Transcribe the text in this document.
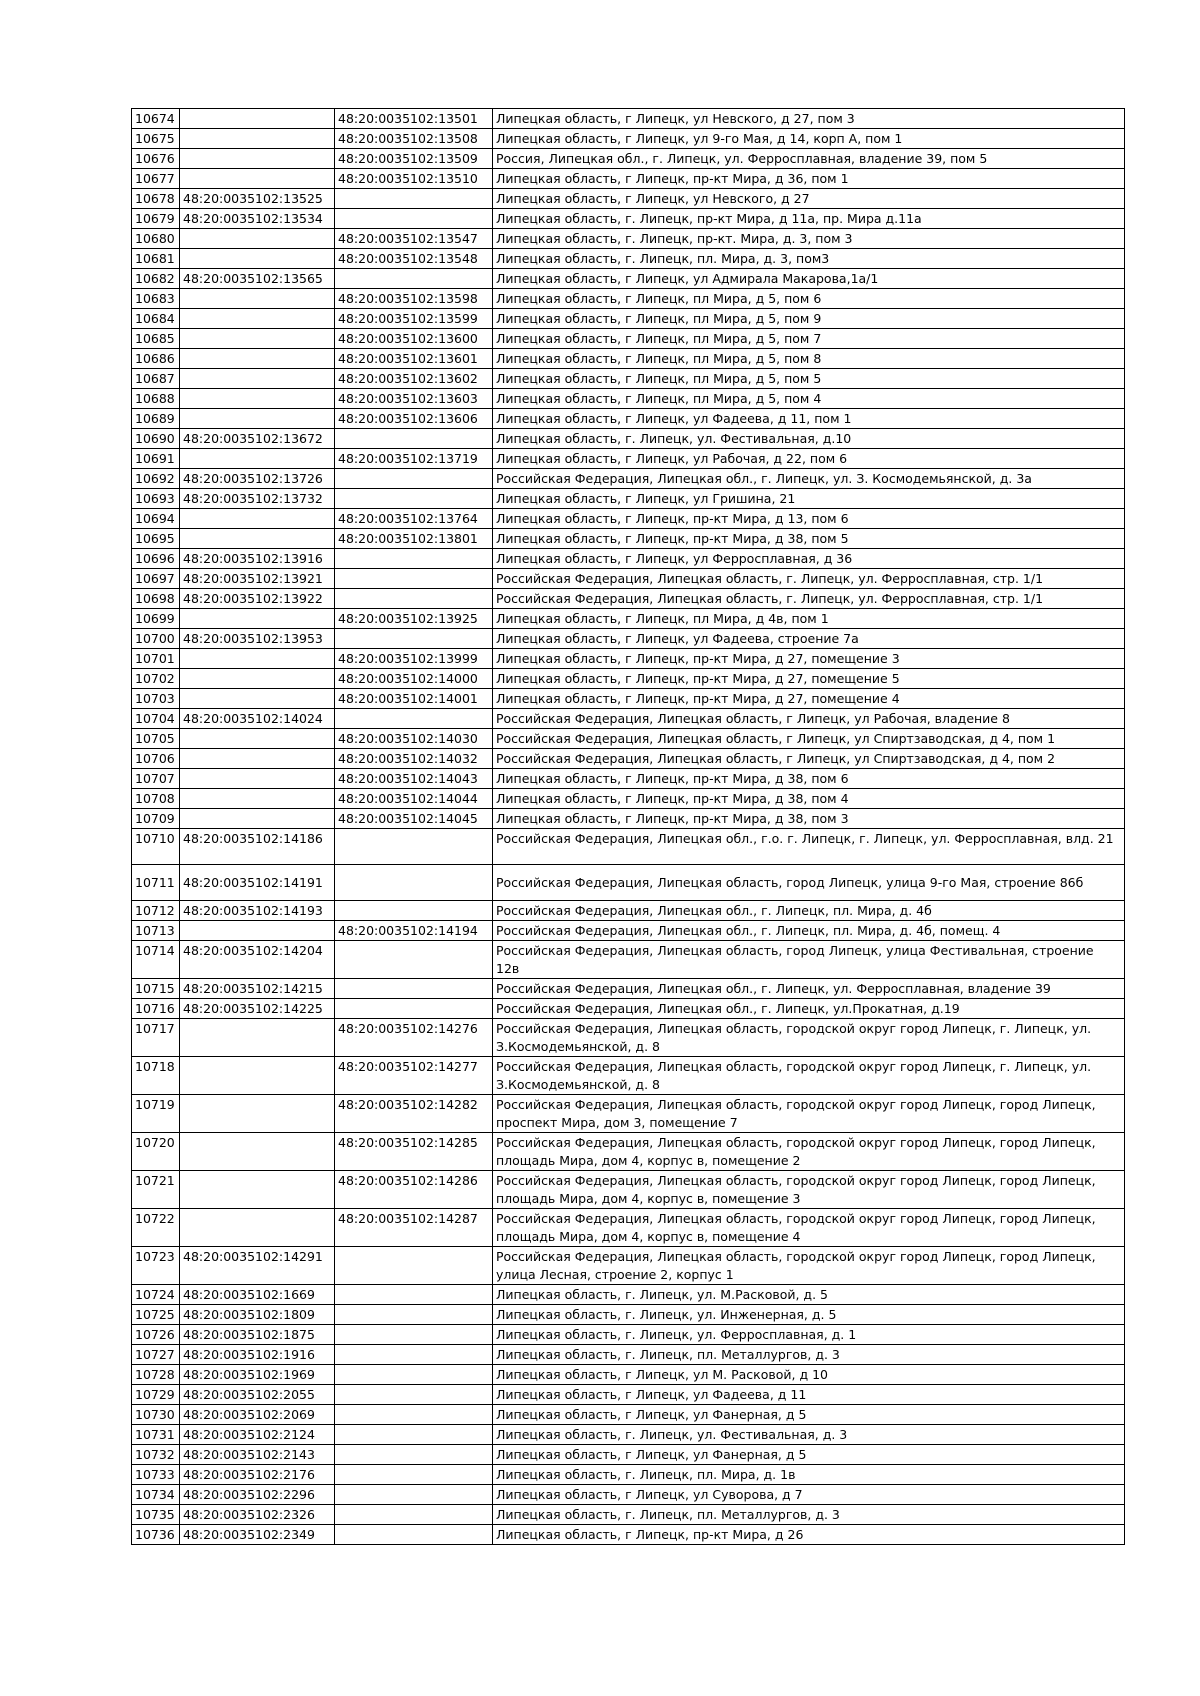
10674		48:20:0035102:13501	Липецкая область, г Липецк, ул Невского, д 27, пом 3
10675		48:20:0035102:13508	Липецкая область, г Липецк, ул 9-го Мая, д 14, корп А, пом 1
10676		48:20:0035102:13509	Россия, Липецкая обл., г. Липецк, ул. Ферросплавная, владение 39, пом 5
10677		48:20:0035102:13510	Липецкая область, г Липецк, пр-кт Мира, д 36, пом 1
10678	48:20:0035102:13525		Липецкая область, г Липецк, ул Невского, д 27
10679	48:20:0035102:13534		Липецкая область, г. Липецк, пр-кт Мира, д 11а, пр. Мира д.11а
10680		48:20:0035102:13547	Липецкая область, г. Липецк, пр-кт. Мира, д. 3, пом 3
10681		48:20:0035102:13548	Липецкая область, г. Липецк, пл. Мира, д. 3, пом3
10682	48:20:0035102:13565		Липецкая область, г Липецк, ул Адмирала Макарова,1а/1
10683		48:20:0035102:13598	Липецкая область, г Липецк, пл Мира, д 5, пом 6
10684		48:20:0035102:13599	Липецкая область, г Липецк, пл Мира, д 5, пом 9
10685		48:20:0035102:13600	Липецкая область, г Липецк, пл Мира, д 5, пом 7
10686		48:20:0035102:13601	Липецкая область, г Липецк, пл Мира, д 5, пом 8
10687		48:20:0035102:13602	Липецкая область, г Липецк, пл Мира, д 5, пом 5
10688		48:20:0035102:13603	Липецкая область, г Липецк, пл Мира, д 5, пом 4
10689		48:20:0035102:13606	Липецкая область, г Липецк, ул Фадеева, д 11, пом 1
10690	48:20:0035102:13672		Липецкая область, г. Липецк, ул. Фестивальная, д.10
10691		48:20:0035102:13719	Липецкая область, г Липецк, ул Рабочая, д 22, пом 6
10692	48:20:0035102:13726		Российская Федерация, Липецкая обл., г. Липецк, ул. З. Космодемьянской, д. 3а
10693	48:20:0035102:13732		Липецкая область, г Липецк, ул Гришина, 21
10694		48:20:0035102:13764	Липецкая область, г Липецк, пр-кт Мира, д 13, пом 6
10695		48:20:0035102:13801	Липецкая область, г Липецк, пр-кт Мира, д 38, пом 5
10696	48:20:0035102:13916		Липецкая область, г Липецк, ул Ферросплавная, д 36
10697	48:20:0035102:13921		Российская Федерация, Липецкая область, г. Липецк, ул. Ферросплавная, стр. 1/1
10698	48:20:0035102:13922		Российская Федерация, Липецкая область, г. Липецк, ул. Ферросплавная, стр. 1/1
10699		48:20:0035102:13925	Липецкая область, г Липецк, пл Мира, д 4в, пом 1
10700	48:20:0035102:13953		Липецкая область, г Липецк, ул Фадеева, строение 7а
10701		48:20:0035102:13999	Липецкая область, г Липецк, пр-кт Мира, д 27, помещение 3
10702		48:20:0035102:14000	Липецкая область, г Липецк, пр-кт Мира, д 27, помещение 5
10703		48:20:0035102:14001	Липецкая область, г Липецк, пр-кт Мира, д 27, помещение 4
10704	48:20:0035102:14024		Российская Федерация, Липецкая область, г Липецк, ул Рабочая, владение 8
10705		48:20:0035102:14030	Российская Федерация, Липецкая область, г Липецк, ул Спиртзаводская, д 4, пом 1
10706		48:20:0035102:14032	Российская Федерация, Липецкая область, г Липецк, ул Спиртзаводская, д 4, пом 2
10707		48:20:0035102:14043	Липецкая область, г Липецк, пр-кт Мира, д 38, пом 6
10708		48:20:0035102:14044	Липецкая область, г Липецк, пр-кт Мира, д 38, пом 4
10709		48:20:0035102:14045	Липецкая область, г Липецк, пр-кт Мира, д 38, пом 3
10710	48:20:0035102:14186		Российская Федерация, Липецкая обл., г.о. г. Липецк, г. Липецк, ул. Ферросплавная, влд. 21
10711	48:20:0035102:14191		Российская Федерация, Липецкая область, город Липецк, улица 9-го Мая, строение 86б
10712	48:20:0035102:14193		Российская Федерация, Липецкая обл., г. Липецк, пл. Мира, д. 4б
10713		48:20:0035102:14194	Российская Федерация, Липецкая обл., г. Липецк, пл. Мира, д. 4б, помещ. 4
10714	48:20:0035102:14204		Российская Федерация, Липецкая область, город Липецк, улица Фестивальная, строение 12в
10715	48:20:0035102:14215		Российская Федерация, Липецкая обл., г. Липецк, ул. Ферросплавная, владение 39
10716	48:20:0035102:14225		Российская Федерация, Липецкая обл., г. Липецк, ул.Прокатная, д.19
10717		48:20:0035102:14276	Российская Федерация, Липецкая область, городской округ город Липецк, г. Липецк, ул. З.Космодемьянской, д. 8
10718		48:20:0035102:14277	Российская Федерация, Липецкая область, городской округ город Липецк, г. Липецк, ул. З.Космодемьянской, д. 8
10719		48:20:0035102:14282	Российская Федерация, Липецкая область, городской округ город Липецк, город Липецк, проспект Мира, дом 3, помещение 7
10720		48:20:0035102:14285	Российская Федерация, Липецкая область, городской округ город Липецк, город Липецк, площадь Мира, дом 4, корпус в, помещение 2
10721		48:20:0035102:14286	Российская Федерация, Липецкая область, городской округ город Липецк, город Липецк, площадь Мира, дом 4, корпус в, помещение 3
10722		48:20:0035102:14287	Российская Федерация, Липецкая область, городской округ город Липецк, город Липецк, площадь Мира, дом 4, корпус в, помещение 4
10723	48:20:0035102:14291		Российская Федерация, Липецкая область, городской округ город Липецк, город Липецк, улица Лесная, строение 2, корпус 1
10724	48:20:0035102:1669		Липецкая область, г. Липецк, ул. М.Расковой, д. 5
10725	48:20:0035102:1809		Липецкая область, г. Липецк, ул. Инженерная, д. 5
10726	48:20:0035102:1875		Липецкая область, г. Липецк, ул. Ферросплавная, д. 1
10727	48:20:0035102:1916		Липецкая область, г. Липецк, пл. Металлургов, д. 3
10728	48:20:0035102:1969		Липецкая область, г Липецк, ул М. Расковой, д 10
10729	48:20:0035102:2055		Липецкая область, г Липецк, ул Фадеева, д 11
10730	48:20:0035102:2069		Липецкая область, г Липецк, ул Фанерная, д 5
10731	48:20:0035102:2124		Липецкая область, г. Липецк, ул. Фестивальная, д. 3
10732	48:20:0035102:2143		Липецкая область, г Липецк, ул Фанерная, д 5
10733	48:20:0035102:2176		Липецкая область, г. Липецк, пл. Мира, д. 1в
10734	48:20:0035102:2296		Липецкая область, г Липецк, ул Суворова, д 7
10735	48:20:0035102:2326		Липецкая область, г. Липецк, пл. Металлургов, д. 3
10736	48:20:0035102:2349		Липецкая область, г Липецк, пр-кт Мира, д 26
